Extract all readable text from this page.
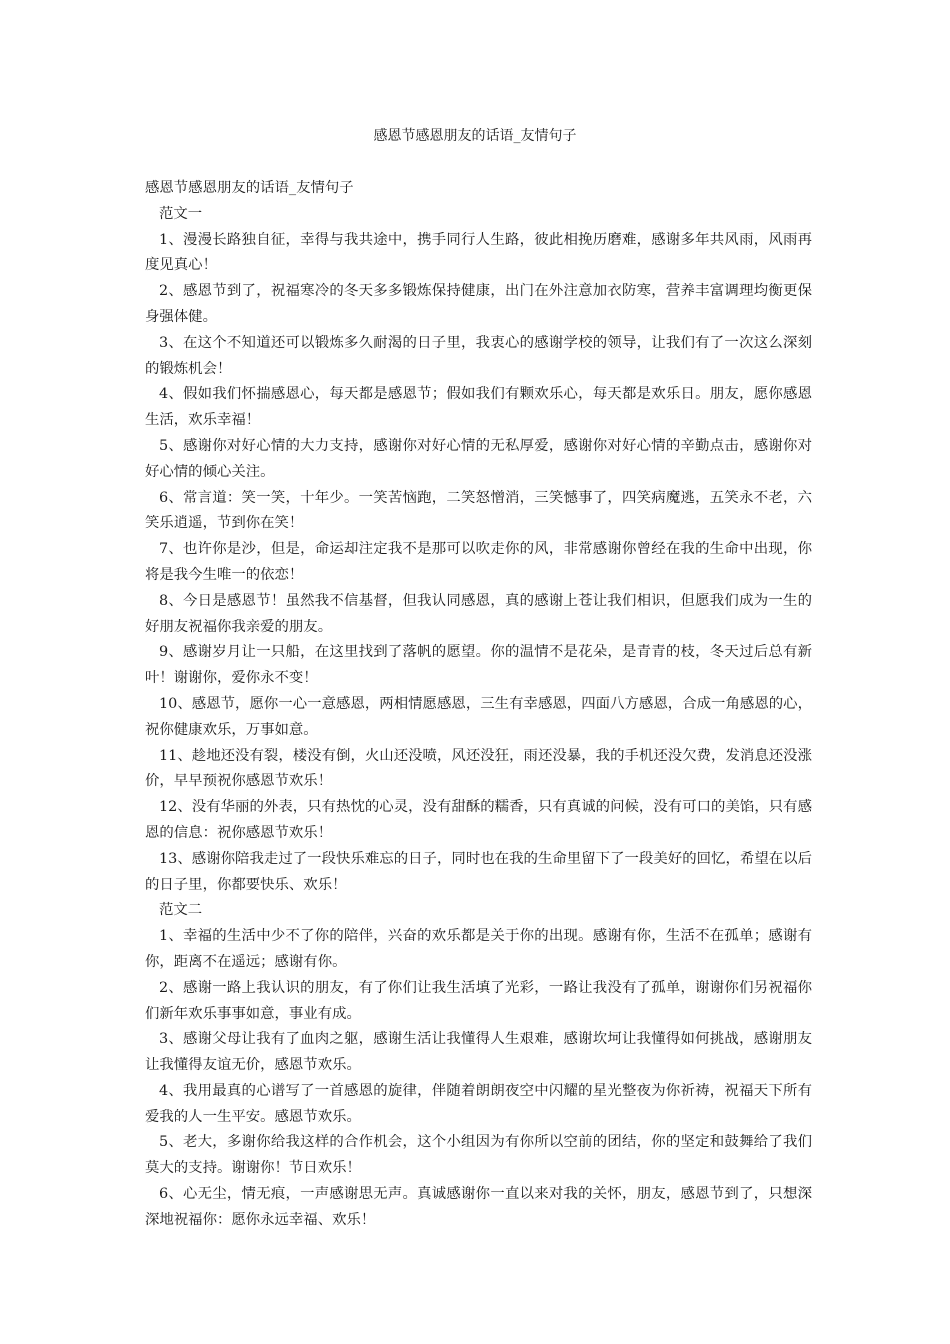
感恩节感恩朋友的话语_友情句子

感恩节感恩朋友的话语_友情句子

范文一

1、漫漫长路独自征，幸得与我共途中，携手同行人生路，彼此相挽历磨难，感谢多年共风雨，风雨再度见真心！

2、感恩节到了，祝福寒冷的冬天多多锻炼保持健康，出门在外注意加衣防寒，营养丰富调理均衡更保身强体健。

3、在这个不知道还可以锻炼多久耐渴的日子里，我衷心的感谢学校的领导，让我们有了一次这么深刻的锻炼机会！

4、假如我们怀揣感恩心，每天都是感恩节；假如我们有颗欢乐心，每天都是欢乐日。朋友，愿你感恩生活，欢乐幸福！

5、感谢你对好心情的大力支持，感谢你对好心情的无私厚爱，感谢你对好心情的辛勤点击，感谢你对好心情的倾心关注。

6、常言道：笑一笑，十年少。一笑苦恼跑，二笑怒憎消，三笑憾事了，四笑病魔逃，五笑永不老，六笑乐逍遥，节到你在笑！

7、也许你是沙，但是，命运却注定我不是那可以吹走你的风，非常感谢你曾经在我的生命中出现，你将是我今生唯一的依恋！

8、今日是感恩节！虽然我不信基督，但我认同感恩，真的感谢上苍让我们相识，但愿我们成为一生的好朋友祝福你我亲爱的朋友。

9、感谢岁月让一只船，在这里找到了落帆的愿望。你的温情不是花朵，是青青的枝，冬天过后总有新叶！谢谢你，爱你永不变！

10、感恩节，愿你一心一意感恩，两相情愿感恩，三生有幸感恩，四面八方感恩，合成一角感恩的心，祝你健康欢乐，万事如意。

11、趁地还没有裂，楼没有倒，火山还没喷，风还没狂，雨还没暴，我的手机还没欠费，发消息还没涨价，早早预祝你感恩节欢乐！

12、没有华丽的外表，只有热忱的心灵，没有甜酥的糯香，只有真诚的问候，没有可口的美馅，只有感恩的信息：祝你感恩节欢乐！

13、感谢你陪我走过了一段快乐难忘的日子，同时也在我的生命里留下了一段美好的回忆，希望在以后的日子里，你都要快乐、欢乐！

范文二

1、幸福的生活中少不了你的陪伴，兴奋的欢乐都是关于你的出现。感谢有你，生活不在孤单；感谢有你，距离不在遥远；感谢有你。

2、感谢一路上我认识的朋友，有了你们让我生活填了光彩，一路让我没有了孤单，谢谢你们另祝福你们新年欢乐事事如意，事业有成。

3、感谢父母让我有了血肉之躯，感谢生活让我懂得人生艰难，感谢坎坷让我懂得如何挑战，感谢朋友让我懂得友谊无价，感恩节欢乐。

4、我用最真的心谱写了一首感恩的旋律，伴随着朗朗夜空中闪耀的星光整夜为你祈祷，祝福天下所有爱我的人一生平安。感恩节欢乐。

5、老大，多谢你给我这样的合作机会，这个小组因为有你所以空前的团结，你的坚定和鼓舞给了我们莫大的支持。谢谢你！节日欢乐！

6、心无尘，情无痕，一声感谢思无声。真诚感谢你一直以来对我的关怀，朋友，感恩节到了，只想深深地祝福你：愿你永远幸福、欢乐！
